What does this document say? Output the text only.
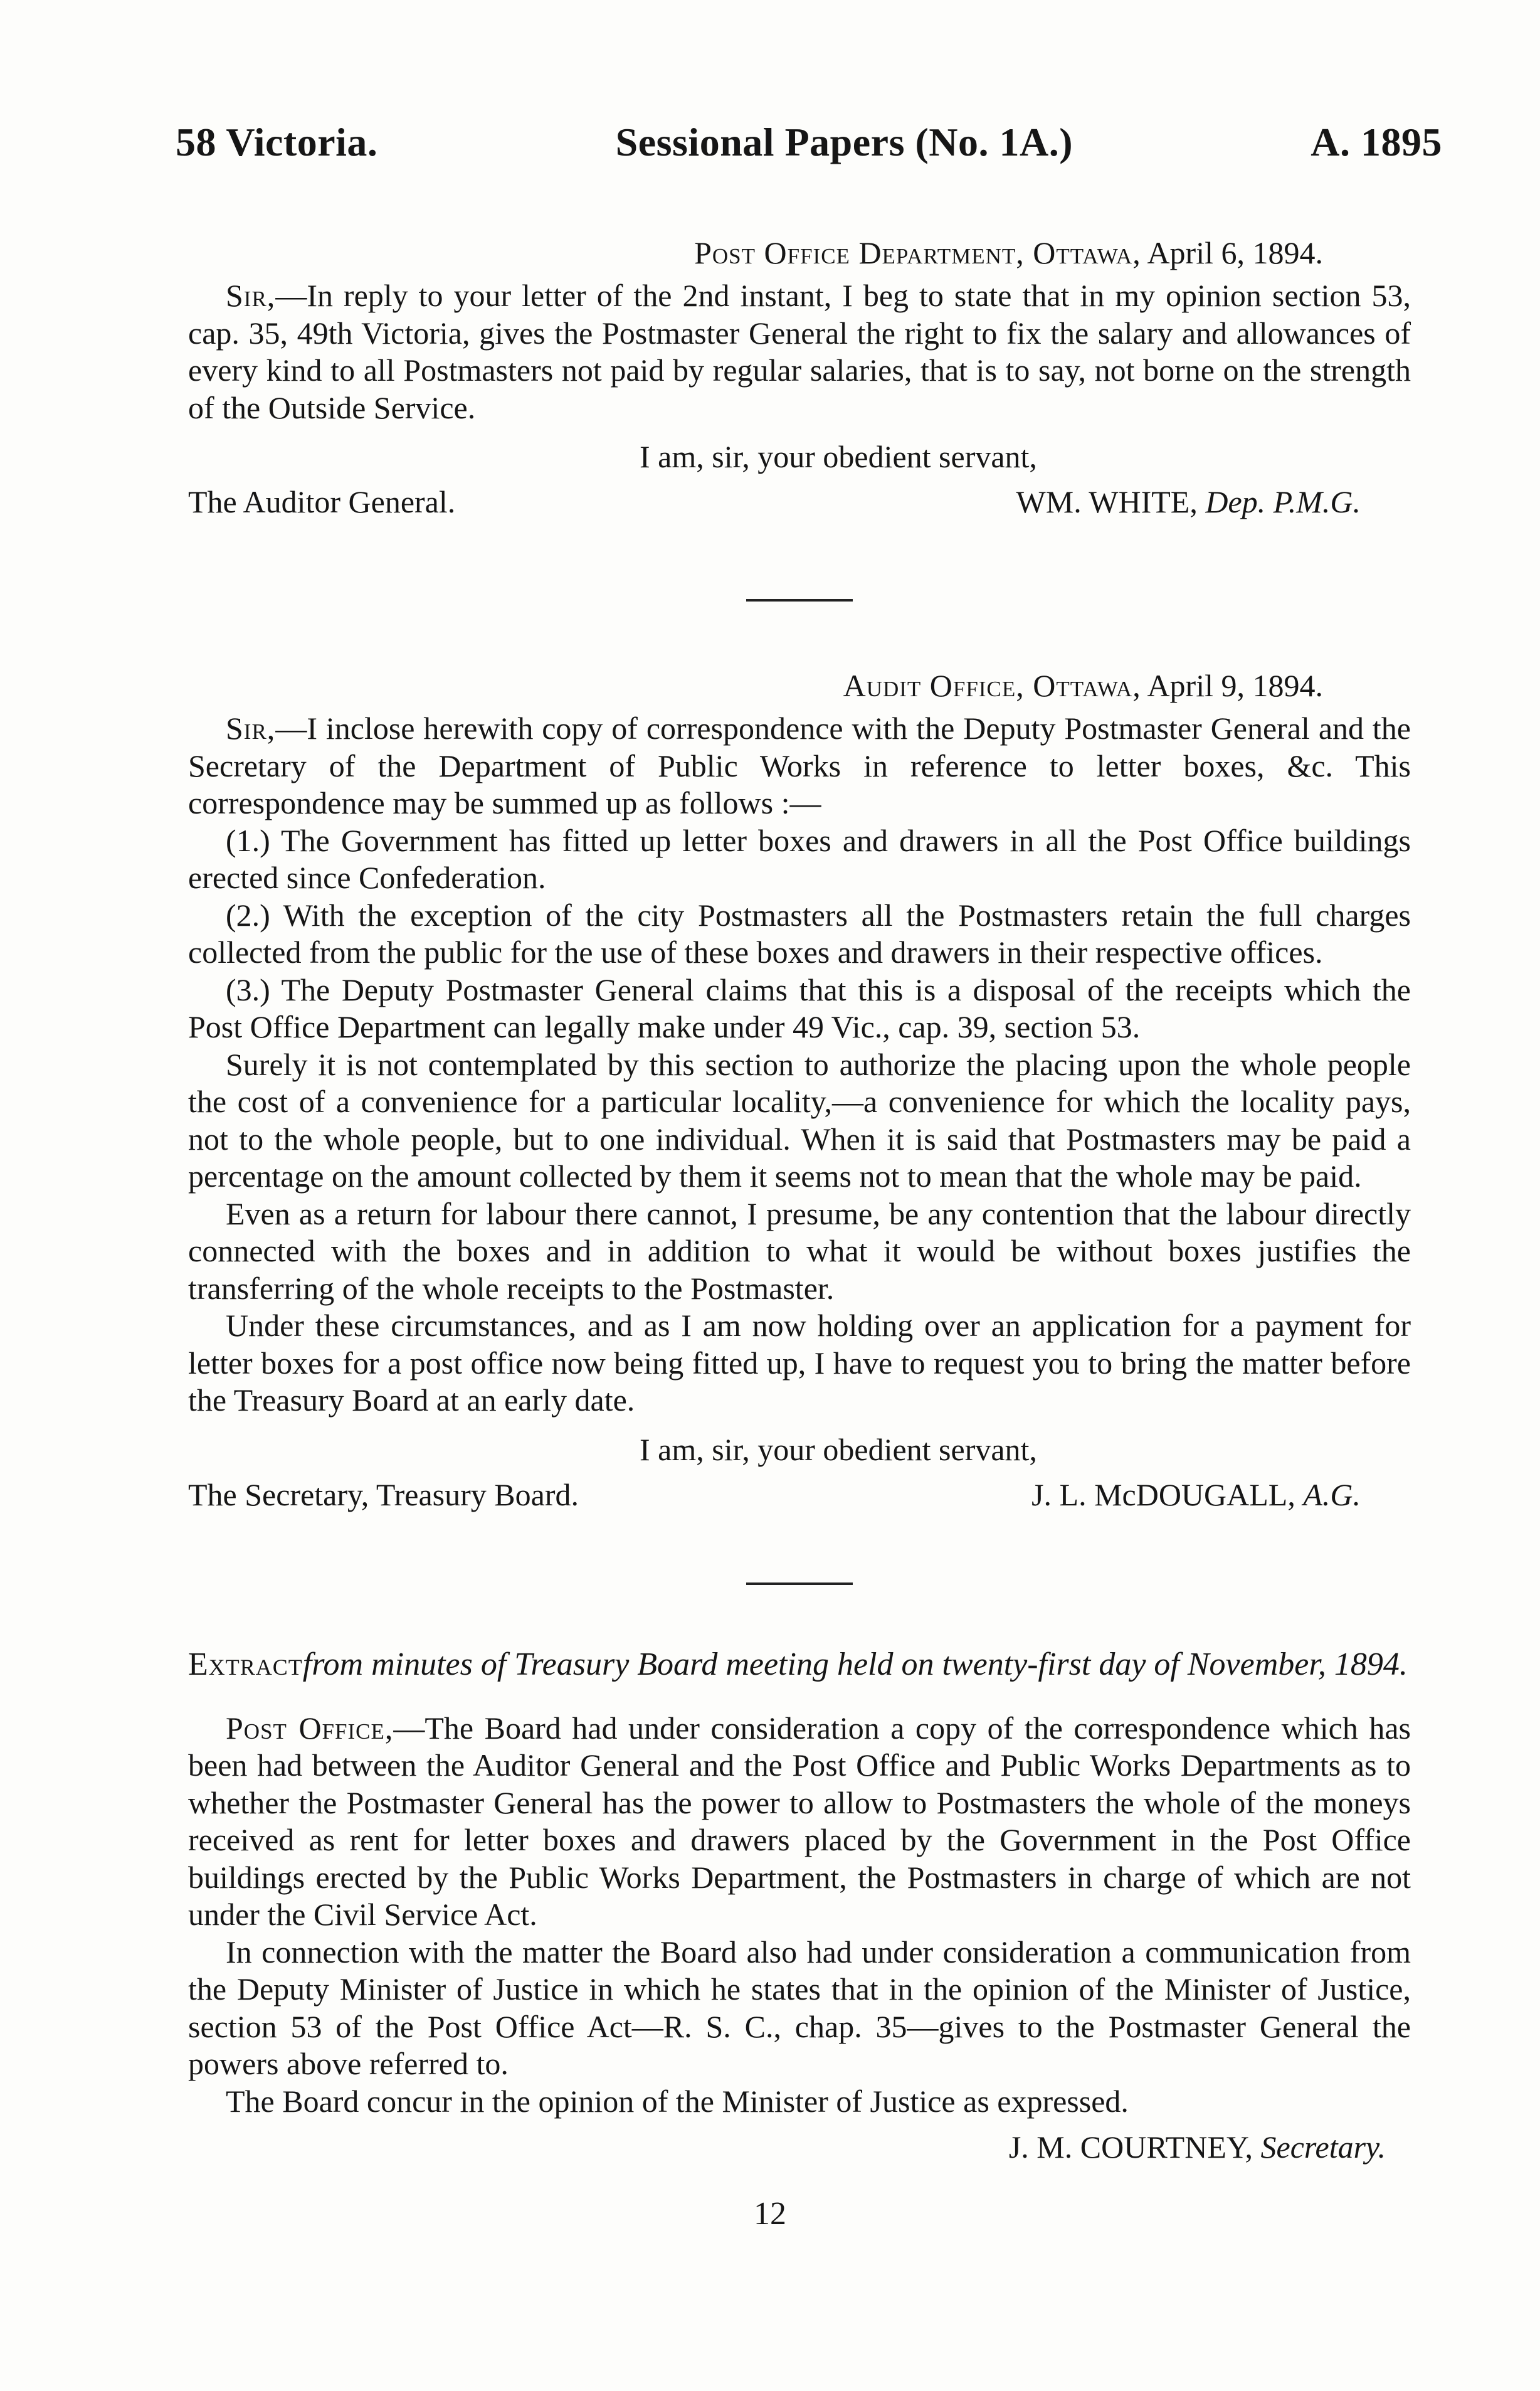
58 Victoria.	Sessional Papers (No. 1A.)	A. 1895
Post Office Department, Ottawa, April 6, 1894.

Sir,—In reply to your letter of the 2nd instant, I beg to state that in my opinion section 53, cap. 35, 49th Victoria, gives the Postmaster General the right to fix the salary and allowances of every kind to all Postmasters not paid by regular salaries, that is to say, not borne on the strength of the Outside Service.

I am, sir, your obedient servant,
The Auditor General.	WM. WHITE, Dep. P.M.G.
Audit Office, Ottawa, April 9, 1894.

Sir,—I inclose herewith copy of correspondence with the Deputy Postmaster General and the Secretary of the Department of Public Works in reference to letter boxes, &c. This correspondence may be summed up as follows :—

(1.) The Government has fitted up letter boxes and drawers in all the Post Office buildings erected since Confederation.

(2.) With the exception of the city Postmasters all the Postmasters retain the full charges collected from the public for the use of these boxes and drawers in their respective offices.

(3.) The Deputy Postmaster General claims that this is a disposal of the receipts which the Post Office Department can legally make under 49 Vic., cap. 39, section 53.

Surely it is not contemplated by this section to authorize the placing upon the whole people the cost of a convenience for a particular locality,—a convenience for which the locality pays, not to the whole people, but to one individual. When it is said that Postmasters may be paid a percentage on the amount collected by them it seems not to mean that the whole may be paid.

Even as a return for labour there cannot, I presume, be any contention that the labour directly connected with the boxes and in addition to what it would be without boxes justifies the transferring of the whole receipts to the Postmaster.

Under these circumstances, and as I am now holding over an application for a payment for letter boxes for a post office now being fitted up, I have to request you to bring the matter before the Treasury Board at an early date.

I am, sir, your obedient servant,
The Secretary, Treasury Board.	J. L. McDOUGALL, A.G.
Extractfrom minutes of Treasury Board meeting held on twenty-first day of November, 1894.

Post Office,—The Board had under consideration a copy of the correspondence which has been had between the Auditor General and the Post Office and Public Works Departments as to whether the Postmaster General has the power to allow to Postmasters the whole of the moneys received as rent for letter boxes and drawers placed by the Government in the Post Office buildings erected by the Public Works Department, the Postmasters in charge of which are not under the Civil Service Act.

In connection with the matter the Board also had under consideration a communication from the Deputy Minister of Justice in which he states that in the opinion of the Minister of Justice, section 53 of the Post Office Act—R. S. C., chap. 35—gives to the Postmaster General the powers above referred to.

The Board concur in the opinion of the Minister of Justice as expressed.

J. M. COURTNEY, Secretary.
12
